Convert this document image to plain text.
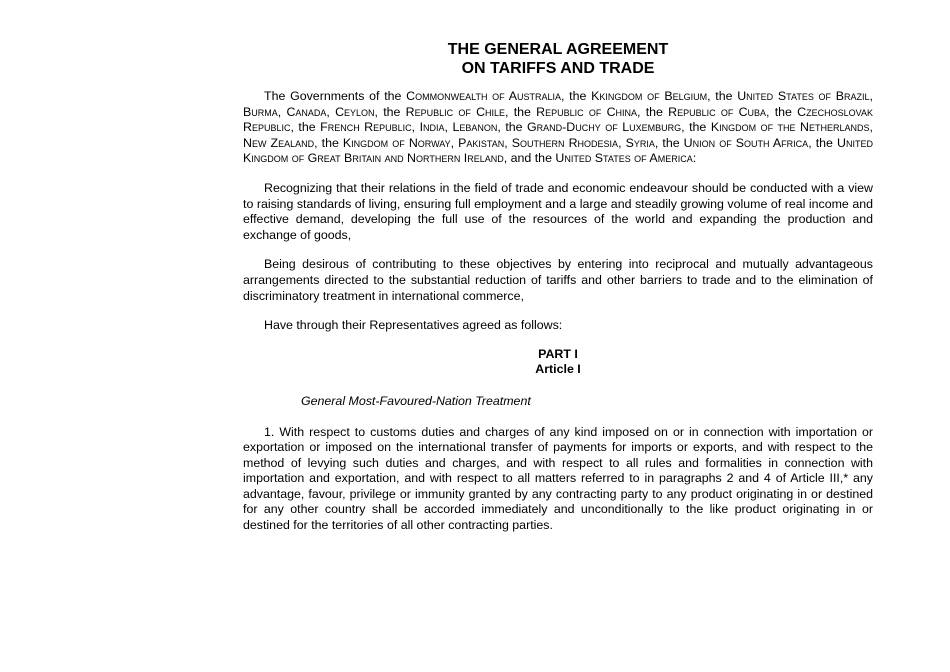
THE GENERAL AGREEMENT
ON TARIFFS AND TRADE

The Governments of the Commonwealth of Australia, the Kkingdom of Belgium, the United States of Brazil, Burma, Canada, Ceylon, the Republic of Chile, the Republic of China, the Republic of Cuba, the Czechoslovak Republic, the French Republic, India, Lebanon, the Grand-Duchy of Luxemburg, the Kingdom of the Netherlands, New Zealand, the Kingdom of Norway, Pakistan, Southern Rhodesia, Syria, the Union of South Africa, the United Kingdom of Great Britain and Northern Ireland, and the United States of America:

Recognizing that their relations in the field of trade and economic endeavour should be conducted with a view to raising standards of living, ensuring full employment and a large and steadily growing volume of real income and effective demand, developing the full use of the resources of the world and expanding the production and exchange of goods,

Being desirous of contributing to these objectives by entering into reciprocal and mutually advantageous arrangements directed to the substantial reduction of tariffs and other barriers to trade and to the elimination of discriminatory treatment in international commerce,

Have through their Representatives agreed as follows:

PART I
Article I

General Most-Favoured-Nation Treatment

1. With respect to customs duties and charges of any kind imposed on or in connection with importation or exportation or imposed on the international transfer of payments for imports or exports, and with respect to the method of levying such duties and charges, and with respect to all rules and formalities in connection with importation and exportation, and with respect to all matters referred to in paragraphs 2 and 4 of Article III,* any advantage, favour, privilege or immunity granted by any contracting party to any product originating in or destined for any other country shall be accorded immediately and unconditionally to the like product originating in or destined for the territories of all other contracting parties.
